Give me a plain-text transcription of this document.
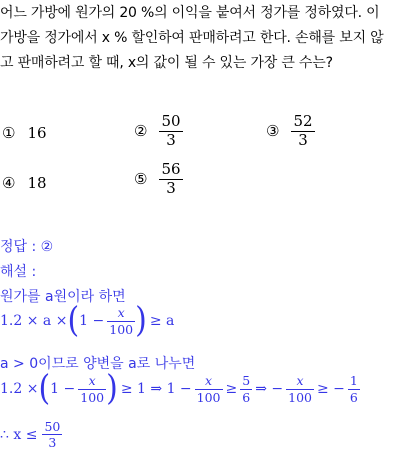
어느 가방에 원가의 20 %의 이익을 붙여서 정가를 정하였다. 이
가방을 정가에서 x % 할인하여 판매하려고 한다. 손해를 보지 않
고 판매하려고 할 때, x의 값이 될 수 있는 가장 큰 수는?
① 16	② $\frac{50}{3}$	③ $\frac{52}{3}$
④ 18	⑤ $\frac{56}{3}$
정답 : ②
해설 :
원가를 a원이라 하면
1.2 × a × ( $1 - \frac{x}{100}$ ) ≥ a
a > 0이므로 양변을 a로 나누면
1.2 × ( $1 - \frac{x}{100}$ ) ≥ 1 ⇒ $1 - \frac{x}{100} \ge \frac{5}{6}$ ⇒ − $\frac{x}{100}$ ≥ − $\frac{1}{6}$
∴ $x \le \frac{50}{3}$
